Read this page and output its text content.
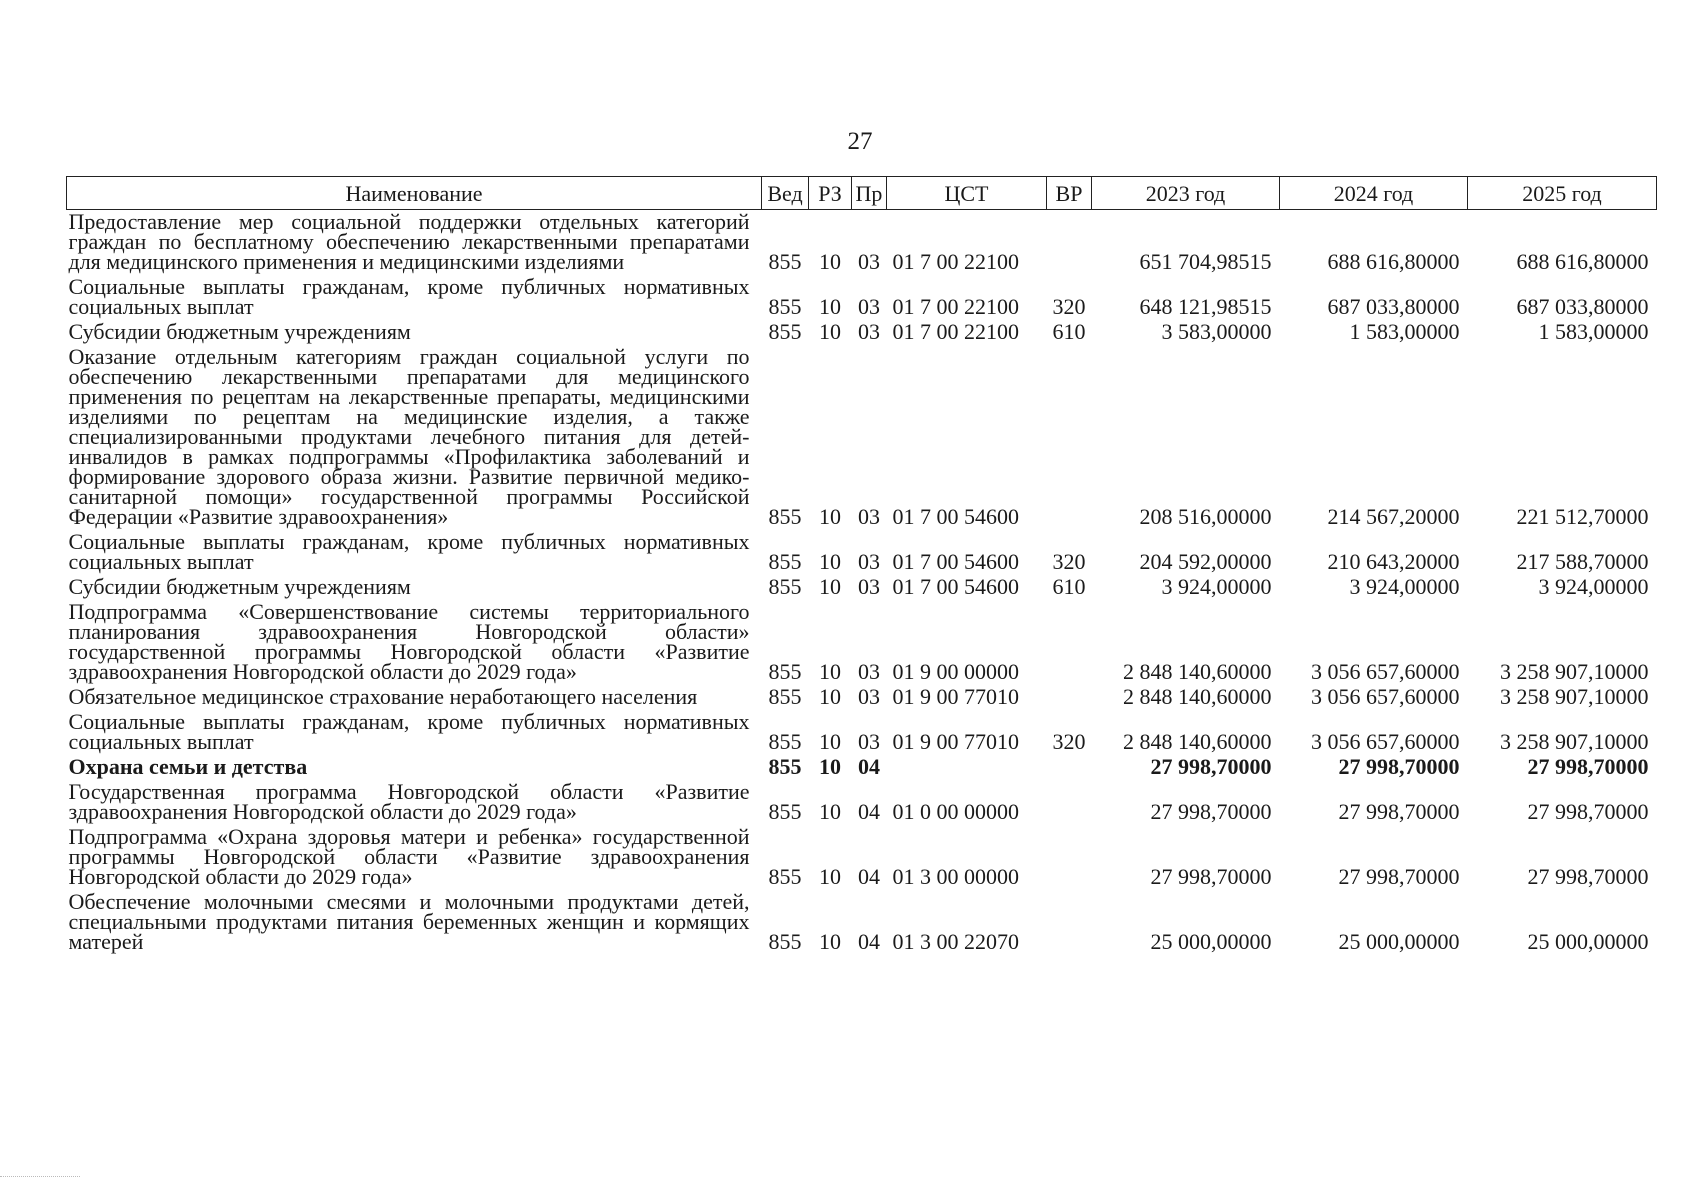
27
Наименование	Вед	РЗ	Пр	ЦСТ	ВР	2023 год	2024 год	2025 год
Предоставление мер социальной поддержки отдельных категорий граждан по бесплатному обеспечению лекарственными препаратами для медицинского применения и медицинскими изделиями	855	10	03	01 7 00 22100		651 704,98515	688 616,80000	688 616,80000
Социальные выплаты гражданам, кроме публичных нормативных социальных выплат	855	10	03	01 7 00 22100	320	648 121,98515	687 033,80000	687 033,80000
Субсидии бюджетным учреждениям	855	10	03	01 7 00 22100	610	3 583,00000	1 583,00000	1 583,00000
Оказание отдельным категориям граждан социальной услуги по обеспечению лекарственными препаратами для медицинского применения по рецептам на лекарственные препараты, медицинскими изделиями по рецептам на медицинские изделия, а также специализированными продуктами лечебного питания для детей-инвалидов в рамках подпрограммы «Профилактика заболеваний и формирование здорового образа жизни. Развитие первичной медико-санитарной помощи» государственной программы Российской Федерации «Развитие здравоохранения»	855	10	03	01 7 00 54600		208 516,00000	214 567,20000	221 512,70000
Социальные выплаты гражданам, кроме публичных нормативных социальных выплат	855	10	03	01 7 00 54600	320	204 592,00000	210 643,20000	217 588,70000
Субсидии бюджетным учреждениям	855	10	03	01 7 00 54600	610	3 924,00000	3 924,00000	3 924,00000
Подпрограмма «Совершенствование системы территориального планирования здравоохранения Новгородской области» государственной программы Новгородской области «Развитие здравоохранения Новгородской области до 2029 года»	855	10	03	01 9 00 00000		2 848 140,60000	3 056 657,60000	3 258 907,10000
Обязательное медицинское страхование неработающего населения	855	10	03	01 9 00 77010		2 848 140,60000	3 056 657,60000	3 258 907,10000
Социальные выплаты гражданам, кроме публичных нормативных социальных выплат	855	10	03	01 9 00 77010	320	2 848 140,60000	3 056 657,60000	3 258 907,10000
Охрана семьи и детства	855	10	04			27 998,70000	27 998,70000	27 998,70000
Государственная программа Новгородской области «Развитие здравоохранения Новгородской области до 2029 года»	855	10	04	01 0 00 00000		27 998,70000	27 998,70000	27 998,70000
Подпрограмма «Охрана здоровья матери и ребенка» государственной программы Новгородской области «Развитие здравоохранения Новгородской области до 2029 года»	855	10	04	01 3 00 00000		27 998,70000	27 998,70000	27 998,70000
Обеспечение молочными смесями и молочными продуктами детей, специальными продуктами питания беременных женщин и кормящих матерей	855	10	04	01 3 00 22070		25 000,00000	25 000,00000	25 000,00000
